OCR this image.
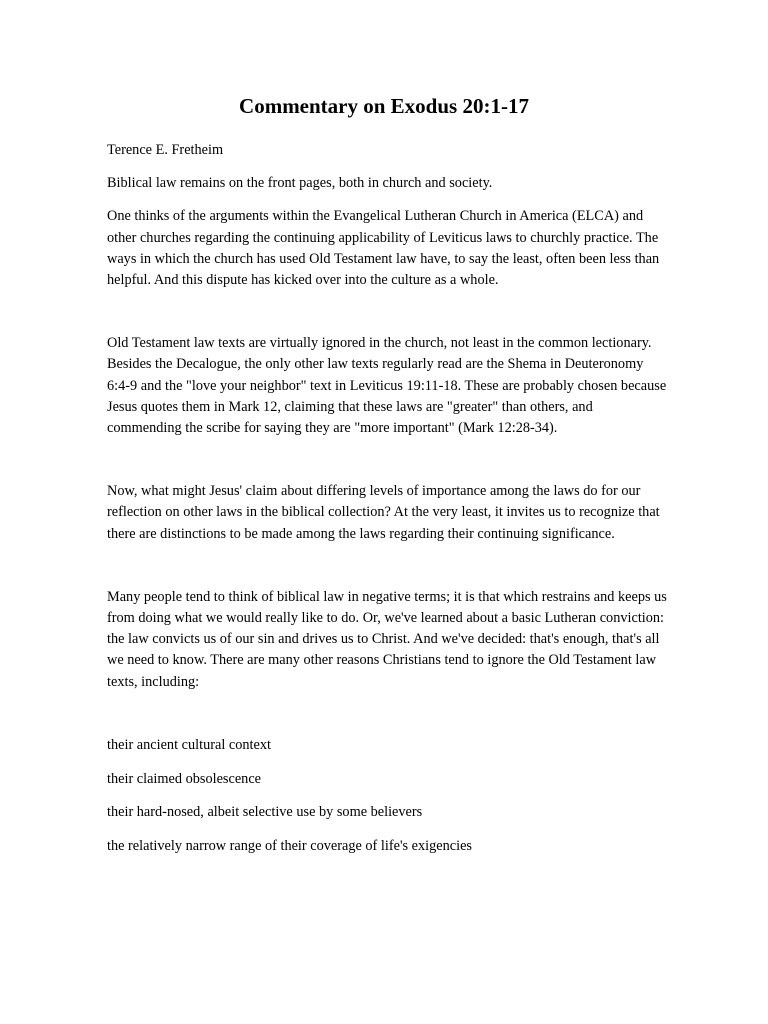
Commentary on Exodus 20:1-17

Terence E. Fretheim

Biblical law remains on the front pages, both in church and society.

One thinks of the arguments within the Evangelical Lutheran Church in America (ELCA) and other churches regarding the continuing applicability of Leviticus laws to churchly practice. The ways in which the church has used Old Testament law have, to say the least, often been less than helpful. And this dispute has kicked over into the culture as a whole.

Old Testament law texts are virtually ignored in the church, not least in the common lectionary. Besides the Decalogue, the only other law texts regularly read are the Shema in Deuteronomy 6:4-9 and the "love your neighbor" text in Leviticus 19:11-18. These are probably chosen because Jesus quotes them in Mark 12, claiming that these laws are "greater" than others, and commending the scribe for saying they are "more important" (Mark 12:28-34).

Now, what might Jesus' claim about differing levels of importance among the laws do for our reflection on other laws in the biblical collection? At the very least, it invites us to recognize that there are distinctions to be made among the laws regarding their continuing significance.

Many people tend to think of biblical law in negative terms; it is that which restrains and keeps us from doing what we would really like to do. Or, we've learned about a basic Lutheran conviction: the law convicts us of our sin and drives us to Christ. And we've decided: that's enough, that's all we need to know. There are many other reasons Christians tend to ignore the Old Testament law texts, including:

their ancient cultural context

their claimed obsolescence

their hard-nosed, albeit selective use by some believers

the relatively narrow range of their coverage of life's exigencies
